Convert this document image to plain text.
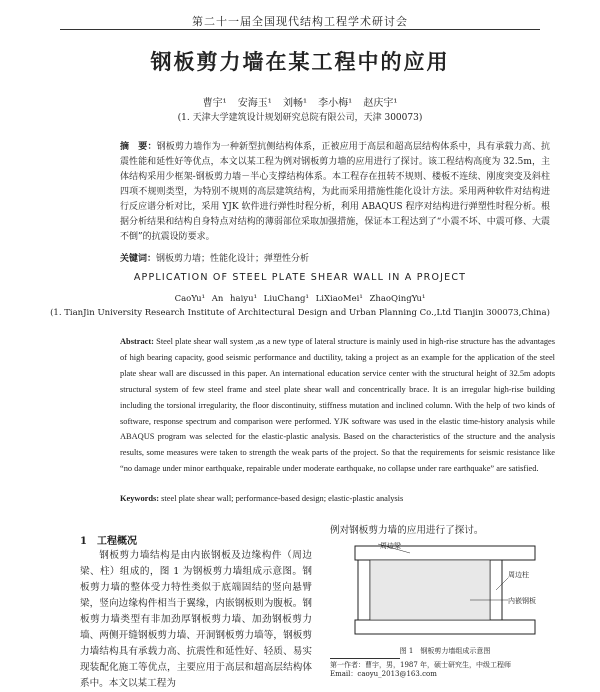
第二十一届全国现代结构工程学术研讨会
钢板剪力墙在某工程中的应用
曹宇¹ 安海玉¹ 刘畅¹ 李小梅¹ 赵庆宇¹
(1. 天津大学建筑设计规划研究总院有限公司，天津 300073)
摘　要：钢板剪力墙作为一种新型抗侧结构体系，正被应用于高层和超高层结构体系中，具有承载力高、抗震性能和延性好等优点，本文以某工程为例对钢板剪力墙的应用进行了探讨。该工程结构高度为 32.5m，主体结构采用少框架-钢板剪力墙－半心支撑结构体系。本工程存在扭转不规则、楼板不连续、刚度突变及斜柱四项不规则类型，为特别不规则的高层建筑结构，为此而采用措施性能化设计方法。采用两种软件对结构进行反应谱分析对比，采用 YJK 软件进行弹性时程分析，利用 ABAQUS 程序对结构进行弹塑性时程分析。根据分析结果和结构自身特点对结构的薄弱部位采取加强措施，保证本工程达到了“小震不坏、中震可修、大震不倒”的抗震设防要求。
关键词：钢板剪力墙；性能化设计；弹塑性分析
APPLICATION OF STEEL PLATE SHEAR WALL IN A PROJECT
CaoYu¹ An haiyu¹ LiuChang¹ LiXiaoMei¹ ZhaoQingYu¹
(1. TianJin University Research Institute of Architectural Design and Urban Planning Co.,Ltd Tianjin 300073,China)
Abstract: Steel plate shear wall system ,as a new type of lateral structure is mainly used in high-rise structure has the advantages of high bearing capacity, good seismic performance and ductility, taking a project as an example for the application of the steel plate shear wall are discussed in this paper. An international education service center with the structural height of 32.5m adopts structural system of few steel frame and steel plate shear wall and concentrically brace. It is an irregular high-rise building including the torsional irregularity, the floor discontinuity, stiffness mutation and inclined column. With the help of two kinds of software, response spectrum and comparison were performed. YJK software was used in the elastic time-history analysis while ABAQUS program was selected for the elastic-plastic analysis. Based on the characteristics of the structure and the analysis results, some measures were taken to strength the weak parts of the project. So that the requirements for seismic resistance like “no damage under minor earthquake, repairable under moderate earthquake, no collapse under rare earthquake” are satisfied.
Keywords: steel plate shear wall; performance-based design; elastic-plastic analysis
1　工程概况
钢板剪力墙结构是由内嵌钢板及边缘构件（周边梁、柱）组成的，图 1 为钢板剪力墙组成示意图。钢板剪力墙的整体受力特性类似于底端固结的竖向悬臂梁，竖向边缘构件相当于翼缘，内嵌钢板则为腹板。钢板剪力墙类型有非加劲厚钢板剪力墙、加劲钢板剪力墙、两侧开缝钢板剪力墙、开洞钢板剪力墙等，钢板剪力墙结构具有承载力高、抗震性和延性好、轻质、易实现装配化施工等优点，主要应用于高层和超高层结构体系中。本文以某工程为
例对钢板剪力墙的应用进行了探讨。
周边梁
周边柱
内嵌钢板
图 1　钢板剪力墙组成示意图
第一作者：曹宇，男，1987 年，硕士研究生，中级工程师
Email：caoyu_2013@163.com
